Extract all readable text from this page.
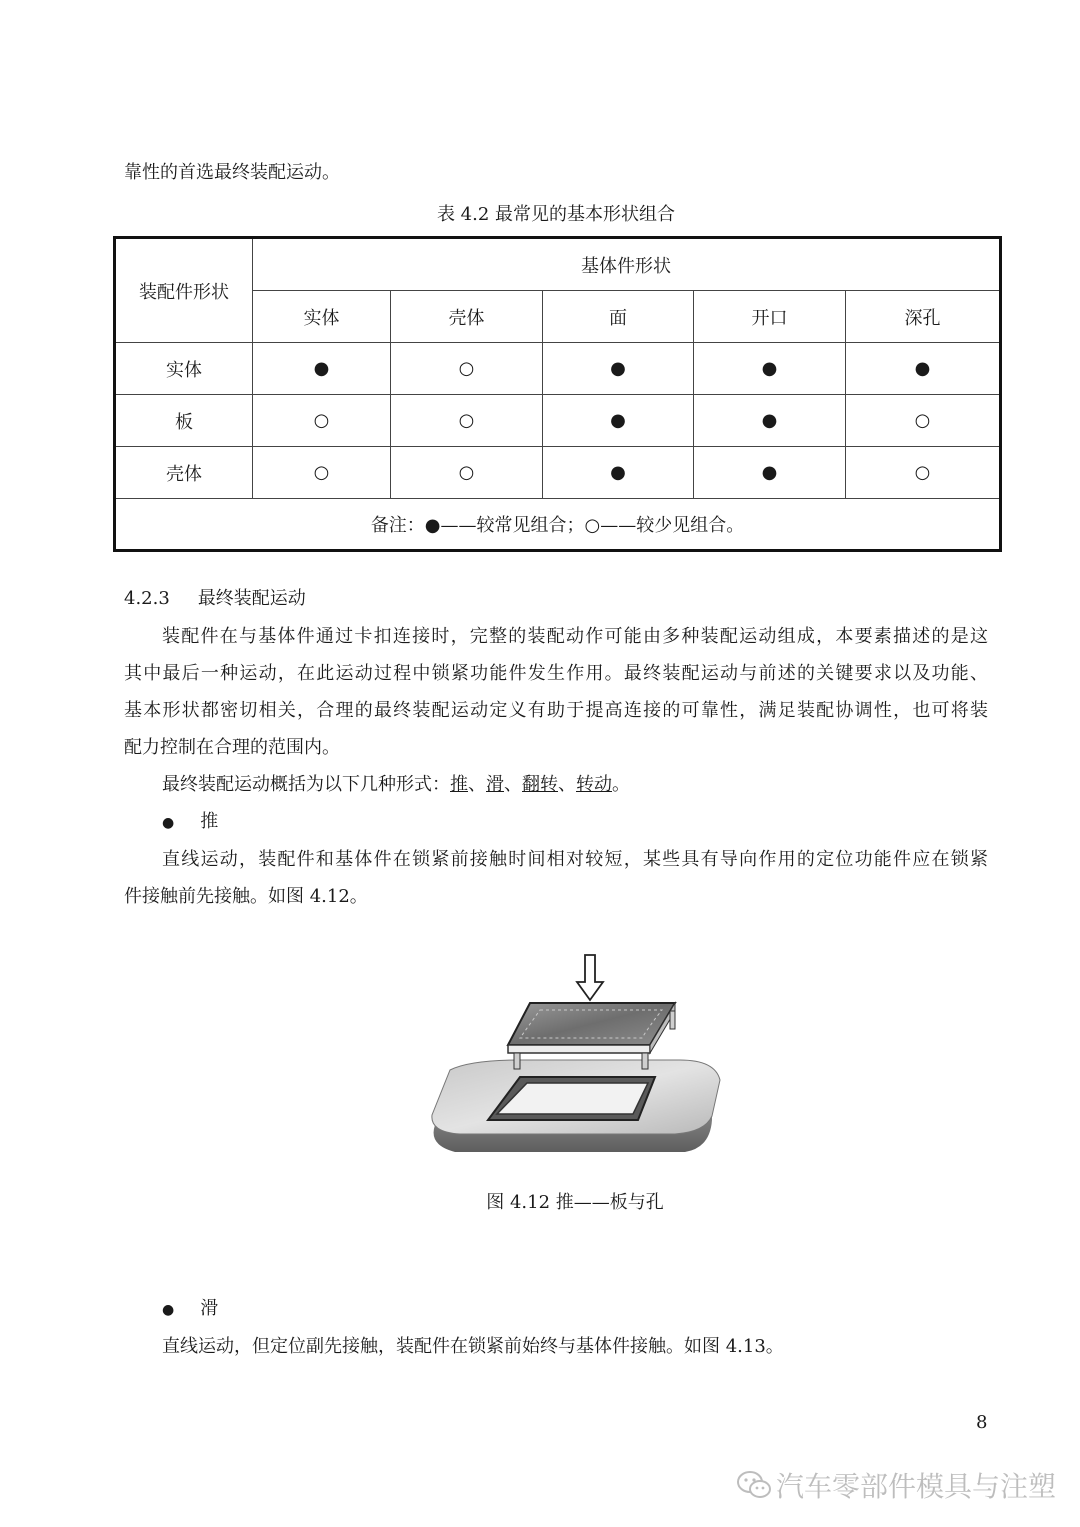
靠性的首选最终装配运动。
表 4.2 最常见的基本形状组合
装配件形状	基体件形状				
	实体	壳体	面	开口	深孔
实体	●	○	●	●	●
板	○	○	●	●	○
壳体	○	○	●	●	○
备注：●——较常见组合；○——较少见组合。					
4.2.3 最终装配运动
装配件在与基体件通过卡扣连接时，完整的装配动作可能由多种装配运动组成，本要素描述的是这
其中最后一种运动，在此运动过程中锁紧功能件发生作用。最终装配运动与前述的关键要求以及功能、
基本形状都密切相关，合理的最终装配运动定义有助于提高连接的可靠性，满足装配协调性，也可将装
配力控制在合理的范围内。
最终装配运动概括为以下几种形式：推、滑、翻转、转动。
● 推
直线运动，装配件和基体件在锁紧前接触时间相对较短，某些具有导向作用的定位功能件应在锁紧
件接触前先接触。如图 4.12。
图 4.12 推——板与孔
● 滑
直线运动，但定位副先接触，装配件在锁紧前始终与基体件接触。如图 4.13。
8
汽车零部件模具与注塑
